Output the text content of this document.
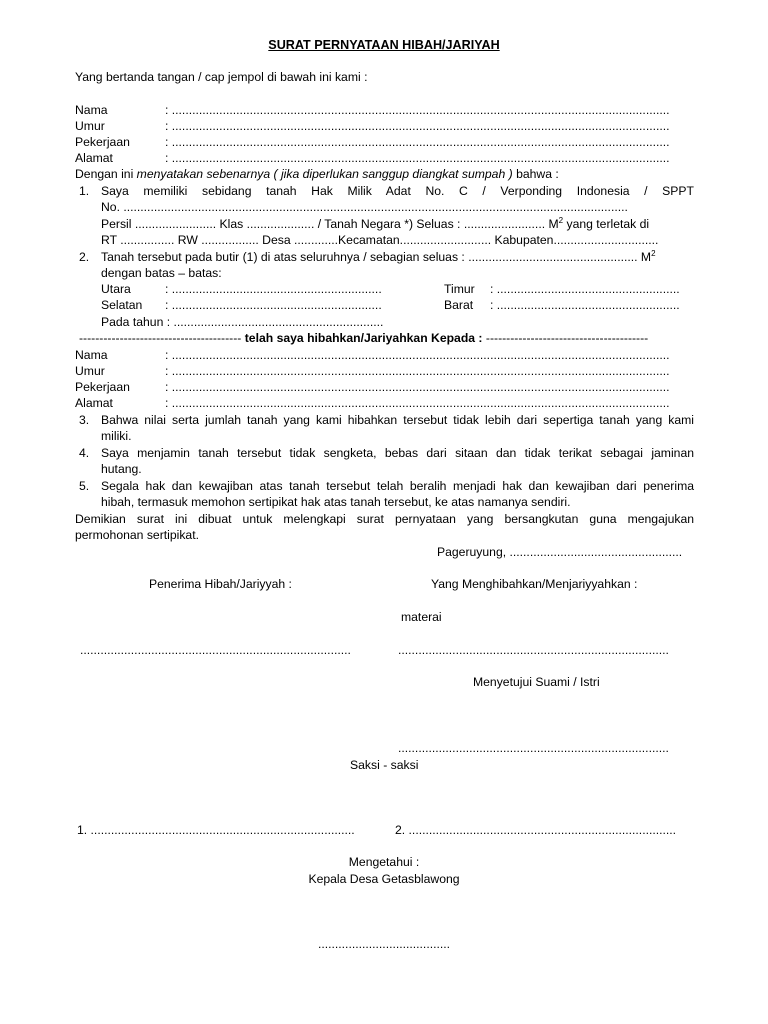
SURAT PERNYATAAN HIBAH/JARIYAH
Yang bertanda tangan / cap jempol di bawah ini kami :
Nama	: ...................................................................................................................................................
Umur	: ...................................................................................................................................................
Pekerjaan	: ...................................................................................................................................................
Alamat	: ...................................................................................................................................................
Dengan ini menyatakan sebenarnya ( jika diperlukan sanggup diangkat sumpah ) bahwa :
1. Saya memiliki sebidang tanah Hak Milik Adat No. C / Verponding Indonesia / SPPT
No. .....................................................................................................................................................
Persil ........................ Klas .................... / Tanah Negara *) Seluas : ........................ $M^2$ yang terletak di
RT ................ RW ................. Desa .............Kecamatan........................... Kabupaten...............................
2. Tanah tersebut pada butir (1) di atas seluruhnya / sebagian seluas : .................................................. $M^2$
dengan batas – batas:
Utara	: ..............................................................	Timur : ......................................................
Selatan : ..............................................................	Barat : ......................................................
Pada tahun : ..............................................................
---------------------------------------- telah saya hibahkan/Jariyahkan Kepada : ----------------------------------------
Nama	: ...................................................................................................................................................
Umur	: ...................................................................................................................................................
Pekerjaan	: ...................................................................................................................................................
Alamat	: ...................................................................................................................................................
3. Bahwa nilai serta jumlah tanah yang kami hibahkan tersebut tidak lebih dari sepertiga tanah yang kami
miliki.
4. Saya menjamin tanah tersebut tidak sengketa, bebas dari sitaan dan tidak terikat sebagai jaminan
hutang.
5. Segala hak dan kewajiban atas tanah tersebut telah beralih menjadi hak dan kewajiban dari penerima
hibah, termasuk memohon sertipikat hak atas tanah tersebut, ke atas namanya sendiri.
Demikian surat ini dibuat untuk melengkapi surat pernyataan yang bersangkutan guna mengajukan
permohonan sertipikat.
Pageruyung, ...................................................
Penerima Hibah/Jariyyah :	Yang Menghibahkan/Menjariyyahkan :
materai
................................................................................	................................................................................
Menyetujui Suami / Istri
................................................................................
Saksi - saksi
1. ..............................................................................	2. ...............................................................................
Mengetahui :
Kepala Desa Getasblawong
.......................................
